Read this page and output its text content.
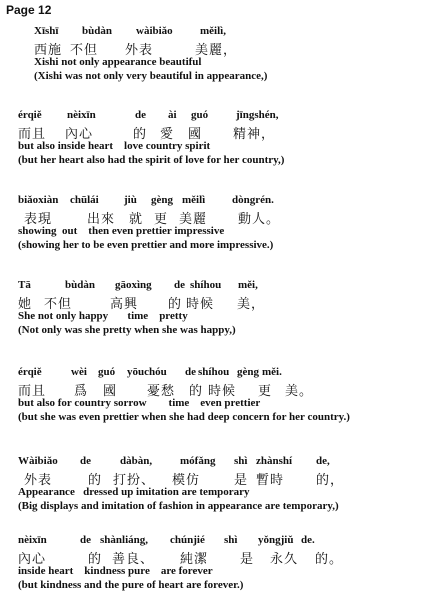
Page 12
Xīshī bùdàn wàibiǎo měilì,
西施 不但 外表	美麗，
Xishi not only appearance beautiful
(Xishi was not only very beautiful in appearance,)
érqiě nèixīn	de ài guó	jīngshén,
而且 內心	的 愛 國 精神，
but also inside heart    love country spirit
(but her heart also had the spirit of love for her country,)
biǎoxiàn chūlái jiù gèng měilì dòngrén.
表現	出來 就 更 美麗 動人。
showing  out    then even prettier impressive
(showing her to be even prettier and more impressive.)
Tā	bùdàn gāoxìng de shíhou měi,
她 不但	高興 的 時候 美，
She not only happy       time    pretty
(Not only was she pretty when she was happy,)
érqiě	wèi guó yōuchóu de shíhou gèng měi.
而且 爲 國 憂愁 的 時候 更 美。
but also for country sorrow        time    even prettier
(but she was even prettier when she had deep concern for her country.)
Wàibiǎo de	dàbàn,	mófǎng shì zhànshí de,
外表	的 打扮、 模仿	是 暫時 的，
Appearance   dressed up imitation are temporary
(Big displays and imitation of fashion in appearance are temporary,)
nèixīn	de shànliáng, chúnjié shì yǒngjiǔ de.
內心	的 善良、 純潔 是 永久 的。
inside heart    kindness pure    are forever
(but kindness and the pure of heart are forever.)
